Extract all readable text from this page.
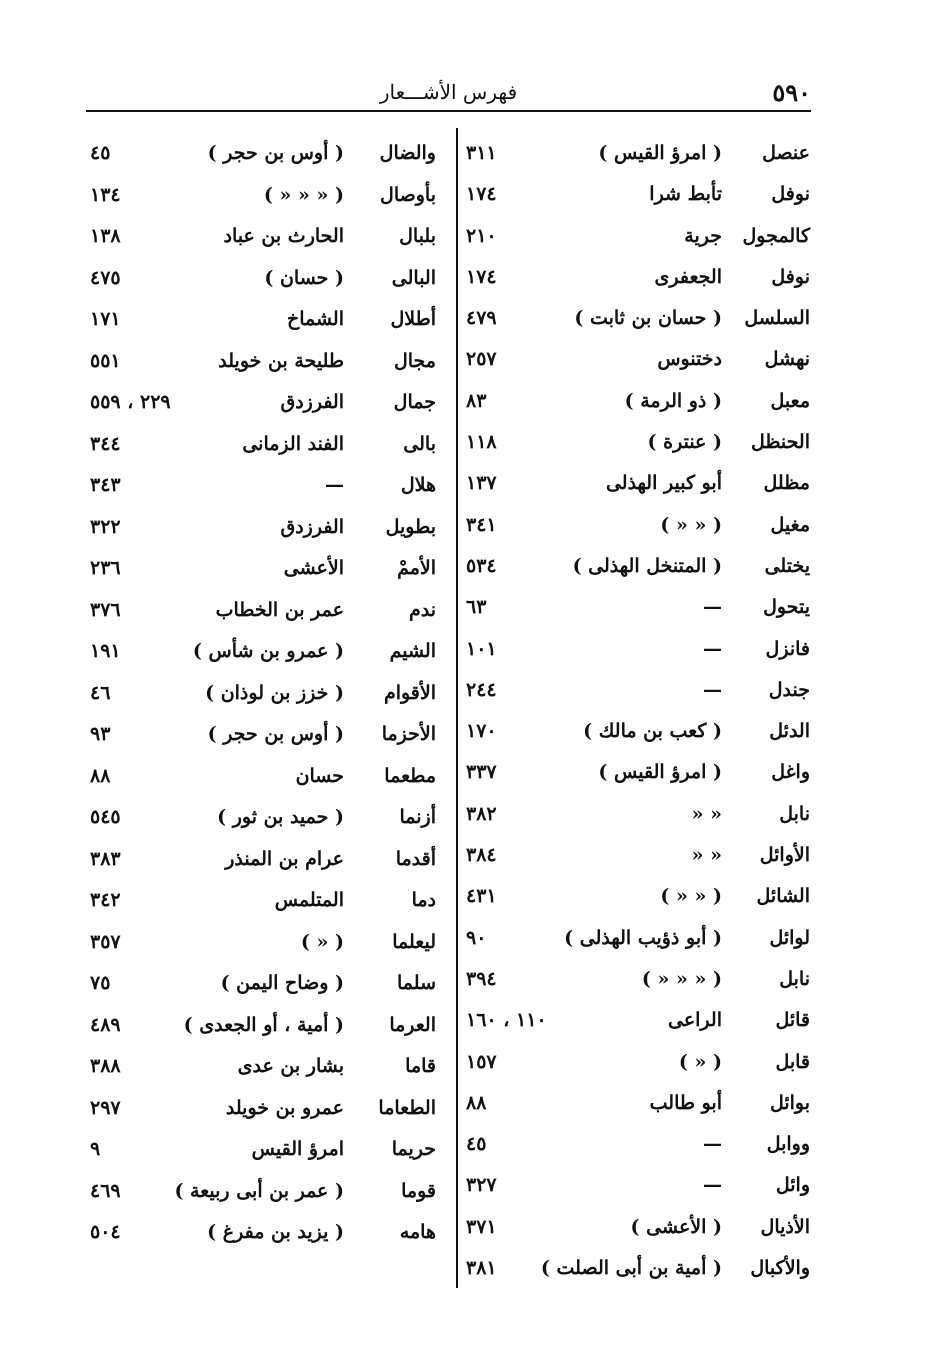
٥٩٠
فهرس الأشـــعار
عنصل
( امرؤ القيس )
٣١١
نوفل
تأبط شرا
١٧٤
كالمجول
جرية
٢١٠
نوفل
الجعفرى
١٧٤
السلسل
( حسان بن ثابت )
٤٧٩
نهشل
دختنوس
٢٥٧
معبل
( ذو الرمة )
٨٣
الحنظل
( عنترة )
١١٨
مظلل
أبو كبير الهذلى
١٣٧
مغيل
( « « )
٣٤١
يختلى
( المتنخل الهذلى )
٥٣٤
يتحول
—
٦٣
فانزل
—
١٠١
جندل
—
٢٤٤
الدئل
( كعب بن مالك )
١٧٠
واغل
( امرؤ القيس )
٣٣٧
نابل
« «
٣٨٢
الأوائل
« «
٣٨٤
الشائل
( « « )
٤٣١
لوائل
( أبو ذؤيب الهذلى )
٩٠
نابل
( « « « )
٣٩٤
قائل
الراعى
١١٠ ، ١٦٠
قابل
( « )
١٥٧
بوائل
أبو طالب
٨٨
ووابل
—
٤٥
وائل
—
٣٢٧
الأذيال
( الأعشى )
٣٧١
والأكبال
( أمية بن أبى الصلت )
٣٨١
والضال
( أوس بن حجر )
٤٥
بأوصال
( « « « )
١٣٤
بلبال
الحارث بن عباد
١٣٨
البالى
( حسان )
٤٧٥
أطلال
الشماخ
١٧١
مجال
طليحة بن خويلد
٥٥١
جمال
الفرزدق
٢٢٩ ، ٥٥٩
بالى
الفند الزمانى
٣٤٤
هلال
—
٣٤٣
بطويل
الفرزدق
٣٢٢
الأممْ
الأعشى
٢٣٦
ندم
عمر بن الخطاب
٣٧٦
الشيم
( عمرو بن شأس )
١٩١
الأقوام
( خزز بن لوذان )
٤٦
الأحزما
( أوس بن حجر )
٩٣
مطعما
حسان
٨٨
أزنما
( حميد بن ثور )
٥٤٥
أقدما
عرام بن المنذر
٣٨٣
دما
المتلمس
٣٤٢
ليعلما
( « )
٣٥٧
سلما
( وضاح اليمن )
٧٥
العرما
( أمية ، أو الجعدى )
٤٨٩
قاما
بشار بن عدى
٣٨٨
الطعاما
عمرو بن خويلد
٢٩٧
حريما
امرؤ القيس
٩
قوما
( عمر بن أبى ربيعة )
٤٦٩
هامه
( يزيد بن مفرغ )
٥٠٤
